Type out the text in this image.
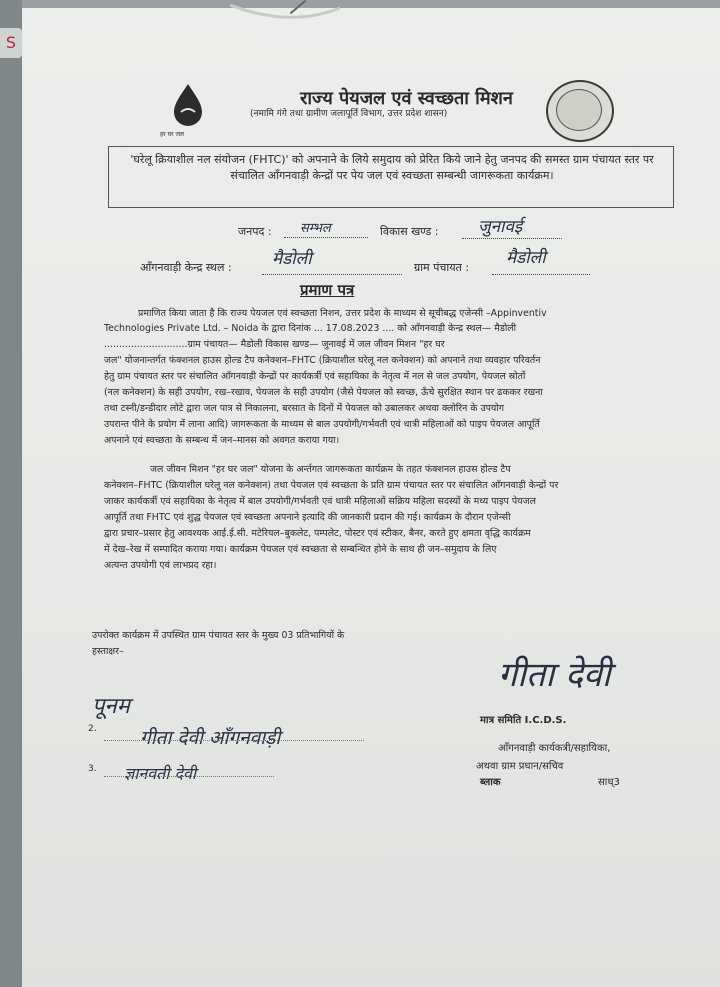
S
हर घर जल
राज्य पेयजल एवं स्वच्छता मिशन
(नमामि गंगे तथा ग्रामीण जलापूर्ति विभाग, उत्तर प्रदेश शासन)
'घरेलू क्रियाशील नल संयोजन (FHTC)' को अपनाने के लिये समुदाय को प्रेरित किये जाने हेतु जनपद की समस्त ग्राम पंचायत स्तर पर संचालित आँगनवाड़ी केन्द्रों पर पेय जल एवं स्वच्छता सम्बन्धी जागरूकता कार्यक्रम।
जनपद : सम्भल	विकास खण्ड : जुनावई
आँगनवाड़ी केन्द्र स्थल : मैडोली	ग्राम पंचायत : मैडोली
प्रमाण पत्र
प्रमाणित किया जाता है कि राज्य पेयजल एवं स्वच्छता निशन, उत्तर प्रदेश के माध्यम से सूचीबद्ध एजेन्सी –Appinventiv
Technologies Private Ltd. – Noida के द्वारा दिनांक ... 17.08.2023 .... को आँगनवाड़ी केन्द्र स्थल— मैडोली
............................ग्राम पंचायत— मैडोली विकास खण्ड— जुनावई में जल जीवन मिशन "हर घर
जल" योजनान्तर्गत फंक्शनल हाउस होल्ड टैप कनेक्शन–FHTC (क्रियाशील घरेलू नल कनेक्शन) को अपनाने तथा व्यवहार परिवर्तन
हेतु ग्राम पंचायत स्तर पर संचालित आँगनवाड़ी केन्द्रों पर कार्यकर्त्री एवं सहायिका के नेतृत्व में नल से जल उपयोग, पेयजल स्रोतों
(नल कनेक्शन) के सही उपयोग, रख–रखाव, पेयजल के सही उपयोग (जैसे पेयजल को स्वच्छ, ऊँचे सुरक्षित स्थान पर ढककर रखना
तथा टस्नी/डन्डीदार लोटे द्वारा जल पात्र से निकालना, बरसात के दिनों में पेयजल को उबालकर अथवा क्लोरिन के उपयोग
उपरान्त पीने के प्रयोग में लाना आदि) जागरूकता के माध्यम से बाल उपयोगी/गर्भवती एवं धात्री महिलाओं को पाइप पेयजल आपूर्ति
अपनाने एवं स्वच्छता के सम्बन्ध में जन–मानस को अवगत कराया गया।
जल जीवन मिशन "हर घर जल" योजना के अर्न्तगत जागरूकता कार्यक्रम के तहत फंक्शनल हाउस होल्ड टैप
कनेक्शन–FHTC (क्रियाशील घरेलू नल कनेक्शन) तथा पेयजल एवं स्वच्छता के प्रति ग्राम पंचायत स्तर पर संचालित आँगनवाड़ी केन्द्रों पर
जाकर कार्यकर्त्री एवं सहायिका के नेतृत्व में बाल उपयोगी/गर्भवती एवं धात्री महिलाओं सक्रिय महिला सदस्यों के मध्य पाइप पेयजल
आपूर्ति तथा FHTC एवं शुद्ध पेयजल एवं स्वच्छता अपनाने इत्यादि की जानकारी प्रदान की गई। कार्यक्रम के दौरान एजेन्सी
द्वारा प्रचार–प्रसार हेतु आवश्यक आई.ई.सी. मटेरियल–बुकलेट, पम्पलेट, पोस्टर एवं स्टीकर, बैनर, करते हुए क्षमता वृद्धि कार्यक्रम
में देख–रेख में सम्पादित कराया गया। कार्यक्रम पेयजल एवं स्वच्छता से सम्बन्धित होने के साथ ही जन–समुदाय के लिए
अत्यन्त उपयोगी एवं लाभप्रद रहा।
उपरोक्त कार्यक्रम में उपस्थित ग्राम पंचायत स्तर के मुख्य 03 प्रतिभागियों के
हस्ताक्षर–
पूनम
2. गीता देवी आँगनवाड़ी
3. ज्ञानवती देवी
गीता देवी
मात्र समिति I.C.D.S.
आँगनवाड़ी कार्यकत्री/सहायिका,
अथवा ग्राम प्रधान/सचिव
ब्लाक	साध्3
